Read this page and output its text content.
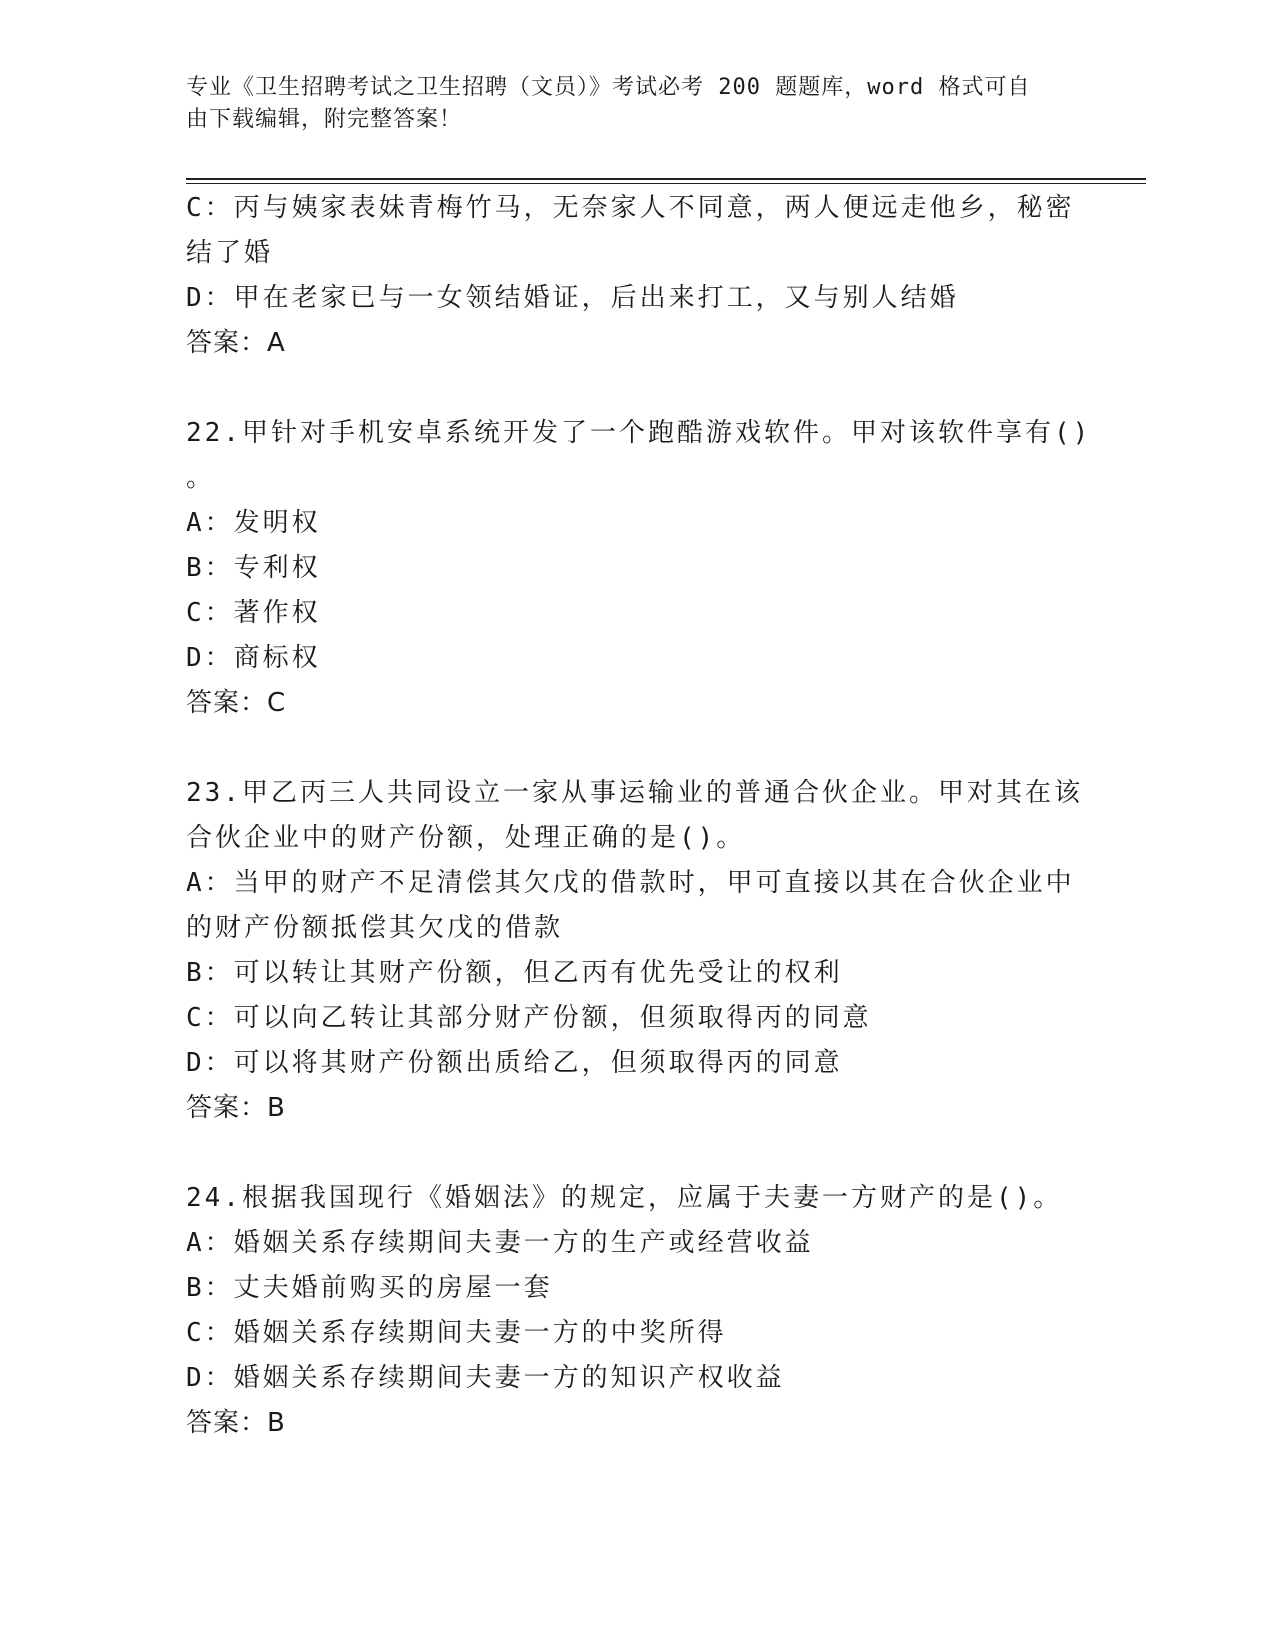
专业《卫生招聘考试之卫生招聘（文员）》考试必考 200 题题库，word 格式可自
由下载编辑，附完整答案！
C：丙与姨家表妹青梅竹马，无奈家人不同意，两人便远走他乡，秘密
结了婚
D：甲在老家已与一女领结婚证，后出来打工，又与别人结婚
答案：A
22.甲针对手机安卓系统开发了一个跑酷游戏软件。甲对该软件享有()
。
A：发明权
B：专利权
C：著作权
D：商标权
答案：C
23.甲乙丙三人共同设立一家从事运输业的普通合伙企业。甲对其在该
合伙企业中的财产份额，处理正确的是()。
A：当甲的财产不足清偿其欠戊的借款时，甲可直接以其在合伙企业中
的财产份额抵偿其欠戊的借款
B：可以转让其财产份额，但乙丙有优先受让的权利
C：可以向乙转让其部分财产份额，但须取得丙的同意
D：可以将其财产份额出质给乙，但须取得丙的同意
答案：B
24.根据我国现行《婚姻法》的规定，应属于夫妻一方财产的是()。
A：婚姻关系存续期间夫妻一方的生产或经营收益
B：丈夫婚前购买的房屋一套
C：婚姻关系存续期间夫妻一方的中奖所得
D：婚姻关系存续期间夫妻一方的知识产权收益
答案：B
